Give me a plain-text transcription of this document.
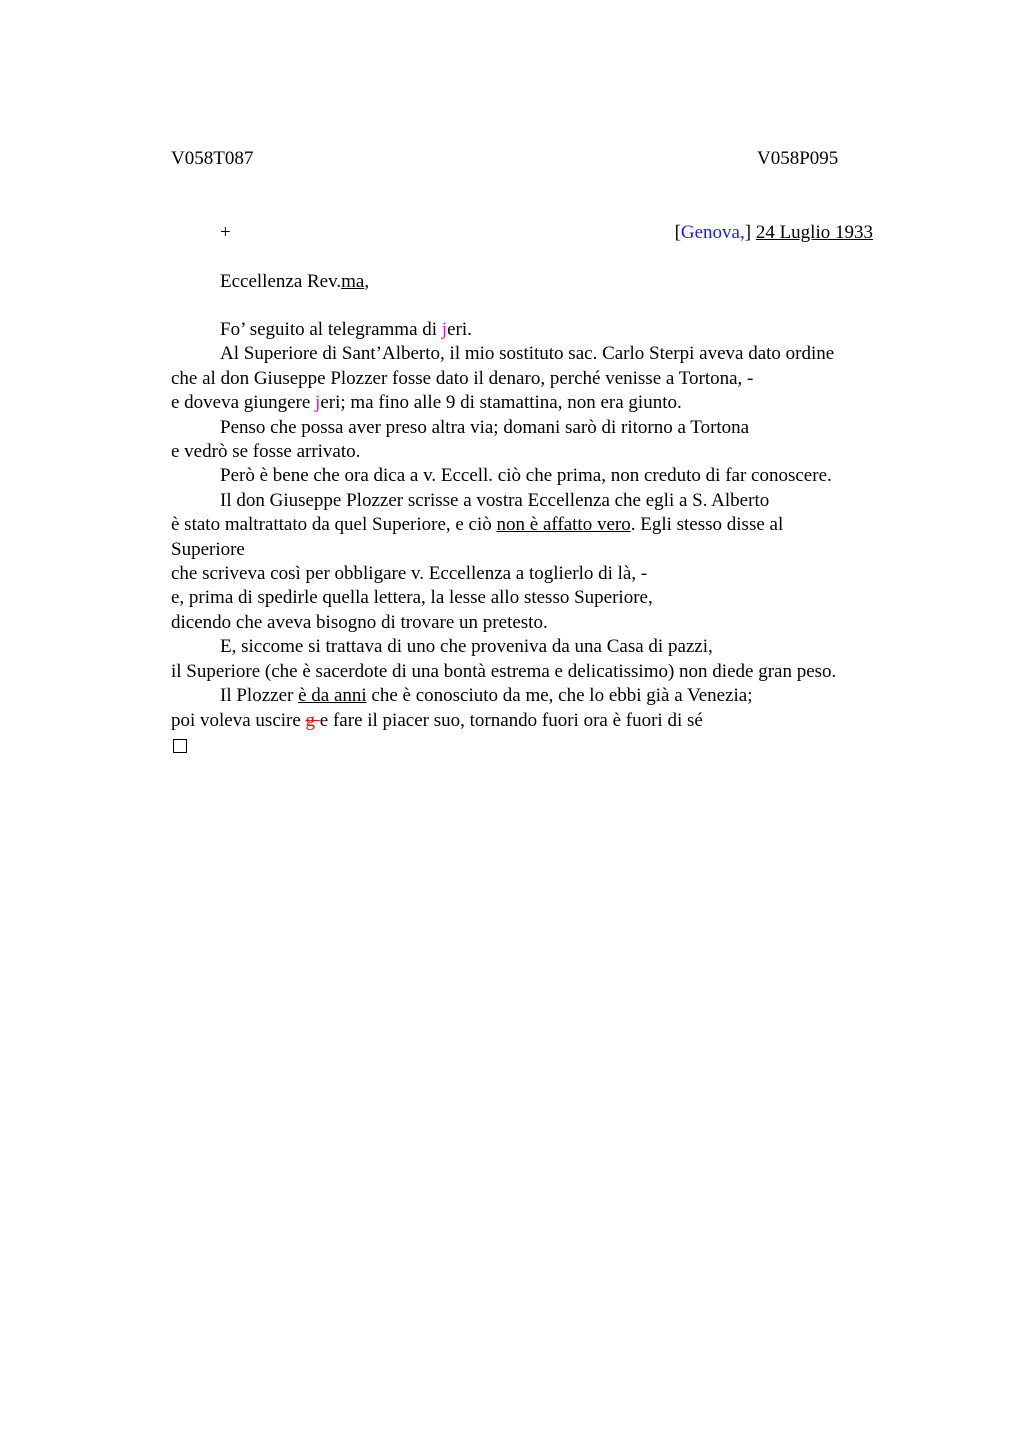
V058T087	V058P095
+	[Genova,] 24 Luglio 1933
Eccellenza Rev.ma,
Fo’ seguito al telegramma di jeri.
Al Superiore di Sant’Alberto, il mio sostituto sac. Carlo Sterpi aveva dato ordine
che al don Giuseppe Plozzer fosse dato il denaro, perché venisse a Tortona, -
e doveva giungere jeri; ma fino alle 9 di stamattina, non era giunto.
Penso che possa aver preso altra via; domani sarò di ritorno a Tortona
e vedrò se fosse arrivato.
Però è bene che ora dica a v. Eccell. ciò che prima, non creduto di far conoscere.
Il don Giuseppe Plozzer scrisse a vostra Eccellenza che egli a S. Alberto
è stato maltrattato da quel Superiore, e ciò non è affatto vero. Egli stesso disse al
Superiore
che scriveva così per obbligare v. Eccellenza a toglierlo di là, -
e, prima di spedirle quella lettera, la lesse allo stesso Superiore,
dicendo che aveva bisogno di trovare un pretesto.
E, siccome si trattava di uno che proveniva da una Casa di pazzi,
il Superiore (che è sacerdote di una bontà estrema e delicatissimo) non diede gran peso.
Il Plozzer è da anni che è conosciuto da me, che lo ebbi già a Venezia;
poi voleva uscire g e fare il piacer suo, tornando fuori ora è fuori di sé
